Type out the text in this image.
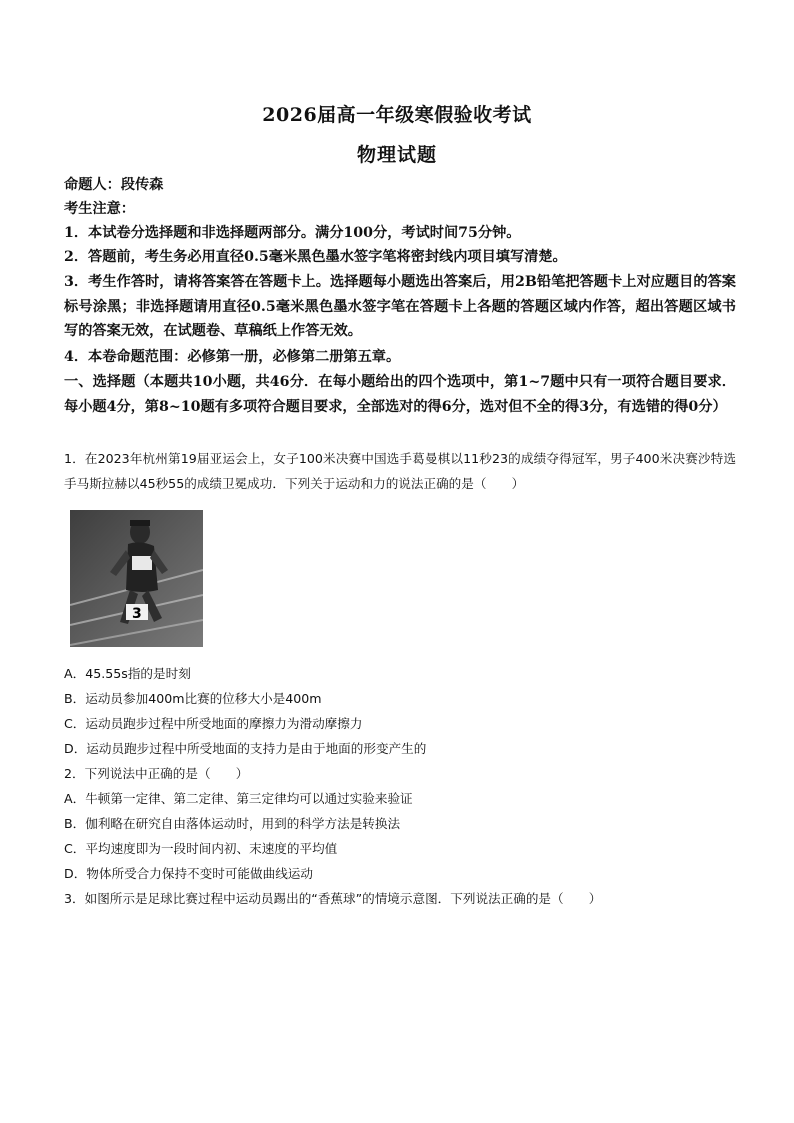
2026届高一年级寒假验收考试
物理试题
命题人：段传森
考生注意：
1．本试卷分选择题和非选择题两部分。满分100分，考试时间75分钟。
2．答题前，考生务必用直径0.5毫米黑色墨水签字笔将密封线内项目填写清楚。
3．考生作答时，请将答案答在答题卡上。选择题每小题选出答案后，用2B铅笔把答题卡上对应题目的答案标号涂黑；非选择题请用直径0.5毫米黑色墨水签字笔在答题卡上各题的答题区域内作答，超出答题区域书写的答案无效，在试题卷、草稿纸上作答无效。
4．本卷命题范围：必修第一册，必修第二册第五章。
一、选择题（本题共10小题，共46分．在每小题给出的四个选项中，第1~7题中只有一项符合题目要求．每小题4分，第8~10题有多项符合题目要求，全部选对的得6分，选对但不全的得3分，有选错的得0分）
1．在2023年杭州第19届亚运会上，女子100米决赛中国选手葛曼棋以11秒23的成绩夺得冠军，男子400米决赛沙特选手马斯拉赫以45秒55的成绩卫冕成功．下列关于运动和力的说法正确的是（　　）
3
A．45.55s指的是时刻
B．运动员参加400m比赛的位移大小是400m
C．运动员跑步过程中所受地面的摩擦力为滑动摩擦力
D．运动员跑步过程中所受地面的支持力是由于地面的形变产生的
2．下列说法中正确的是（　　）
A．牛顿第一定律、第二定律、第三定律均可以通过实验来验证
B．伽利略在研究自由落体运动时，用到的科学方法是转换法
C．平均速度即为一段时间内初、末速度的平均值
D．物体所受合力保持不变时可能做曲线运动
3．如图所示是足球比赛过程中运动员踢出的“香蕉球”的情境示意图．下列说法正确的是（　　）
